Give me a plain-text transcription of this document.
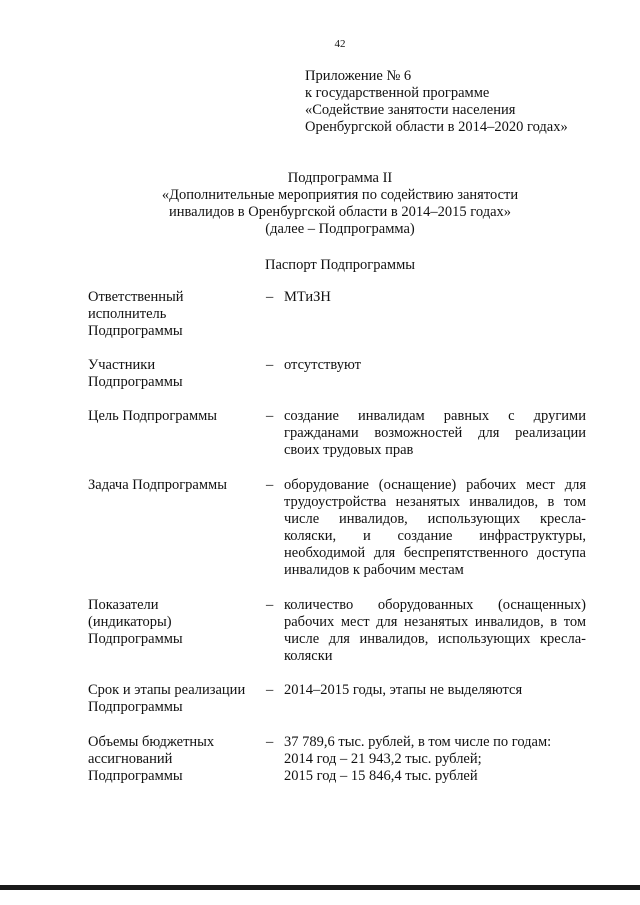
42
Приложение № 6
к государственной программе
«Содействие занятости населения
Оренбургской области в 2014–2020 годах»
Подпрограмма II
«Дополнительные мероприятия по содействию занятости
инвалидов в Оренбургской области в 2014–2015 годах»
(далее – Подпрограмма)
Паспорт Подпрограммы
Ответственный
исполнитель
Подпрограммы
– МТиЗН
Участники
Подпрограммы
– отсутствуют
Цель Подпрограммы	– создание инвалидам равных с другими гражданами возможностей для реализации своих трудовых прав
Задача Подпрограммы	– оборудование (оснащение) рабочих мест для трудоустройства незанятых инвалидов, в том числе инвалидов, использующих кресла-коляски, и создание инфраструктуры, необходимой для беспрепятственного доступа инвалидов к рабочим местам
Показатели
(индикаторы)
Подпрограммы
– количество оборудованных (оснащенных) рабочих мест для незанятых инвалидов, в том числе для инвалидов, использующих кресла-коляски
Срок и этапы реализации
Подпрограммы
– 2014–2015 годы, этапы не выделяются
Объемы бюджетных
ассигнований
Подпрограммы
– 37 789,6 тыс. рублей, в том числе по годам:
2014 год – 21 943,2 тыс. рублей;
2015 год – 15 846,4 тыс. рублей
